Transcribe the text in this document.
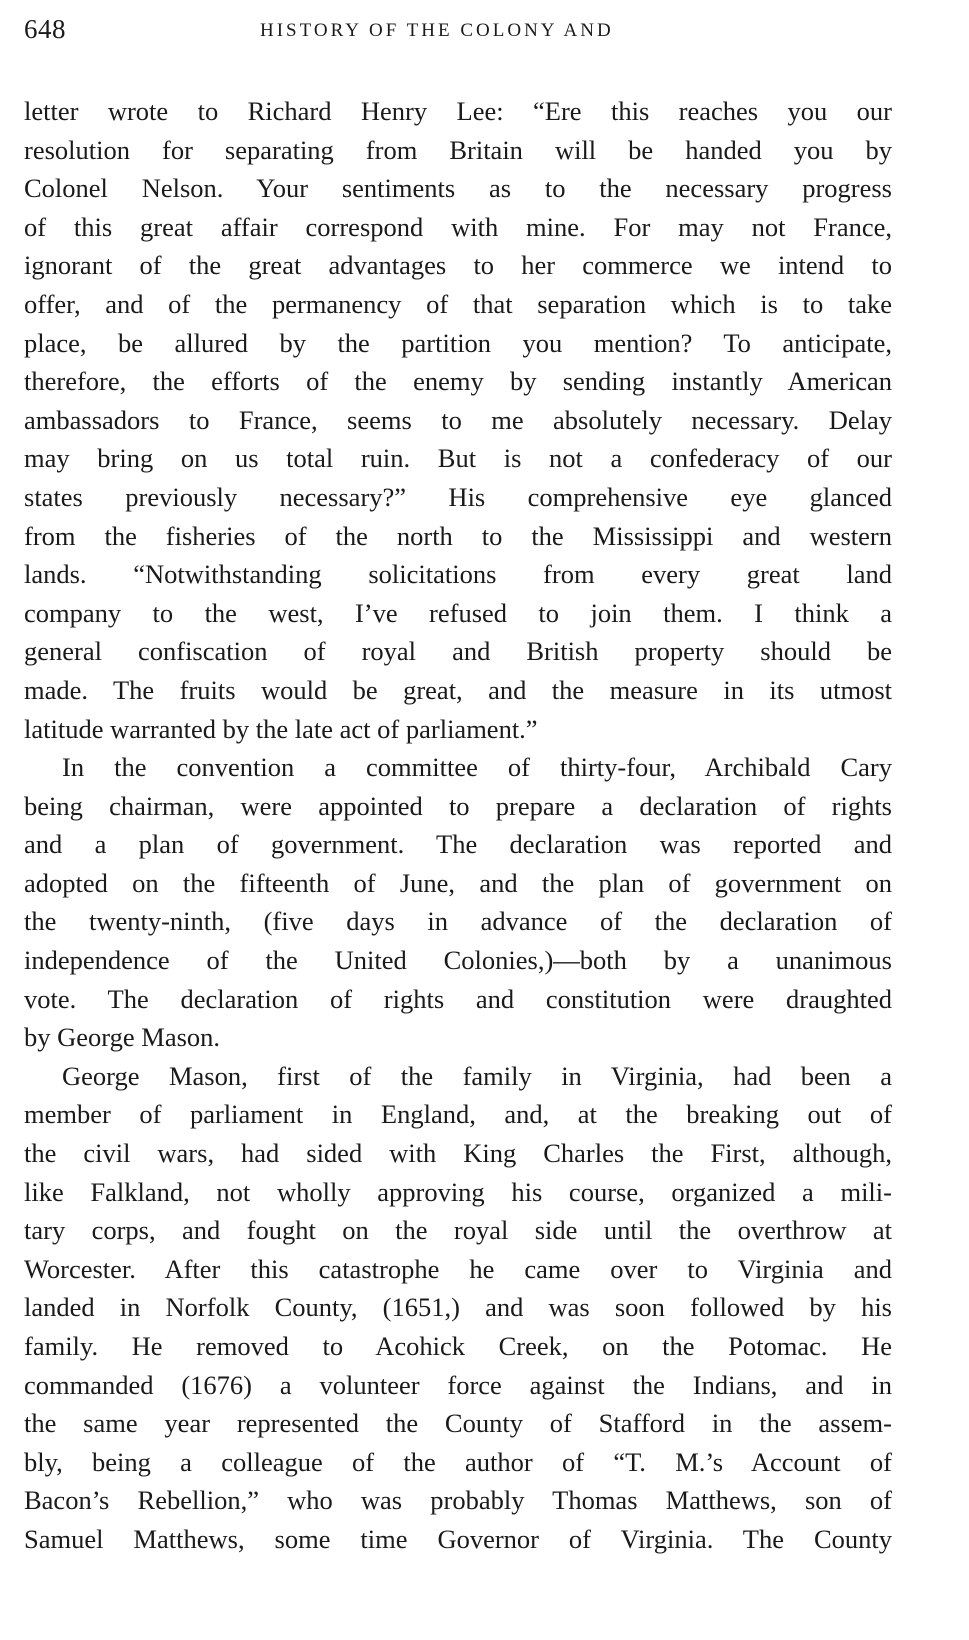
648	HISTORY OF THE COLONY AND
letter wrote to Richard Henry Lee: “Ere this reaches you our
resolution for separating from Britain will be handed you by
Colonel Nelson. Your sentiments as to the necessary progress
of this great affair correspond with mine. For may not France,
ignorant of the great advantages to her commerce we intend to
offer, and of the permanency of that separation which is to take
place, be allured by the partition you mention? To anticipate,
therefore, the efforts of the enemy by sending instantly American
ambassadors to France, seems to me absolutely necessary. Delay
may bring on us total ruin. But is not a confederacy of our
states previously necessary?” His comprehensive eye glanced
from the fisheries of the north to the Mississippi and western
lands. “Notwithstanding solicitations from every great land
company to the west, I’ve refused to join them. I think a
general confiscation of royal and British property should be
made. The fruits would be great, and the measure in its utmost
latitude warranted by the late act of parliament.”
In the convention a committee of thirty-four, Archibald Cary
being chairman, were appointed to prepare a declaration of rights
and a plan of government. The declaration was reported and
adopted on the fifteenth of June, and the plan of government on
the twenty-ninth, (five days in advance of the declaration of
independence of the United Colonies,)—both by a unanimous
vote. The declaration of rights and constitution were draughted
by George Mason.
George Mason, first of the family in Virginia, had been a
member of parliament in England, and, at the breaking out of
the civil wars, had sided with King Charles the First, although,
like Falkland, not wholly approving his course, organized a mili-
tary corps, and fought on the royal side until the overthrow at
Worcester. After this catastrophe he came over to Virginia and
landed in Norfolk County, (1651,) and was soon followed by his
family. He removed to Acohick Creek, on the Potomac. He
commanded (1676) a volunteer force against the Indians, and in
the same year represented the County of Stafford in the assem-
bly, being a colleague of the author of “T. M.’s Account of
Bacon’s Rebellion,” who was probably Thomas Matthews, son of
Samuel Matthews, some time Governor of Virginia. The County
